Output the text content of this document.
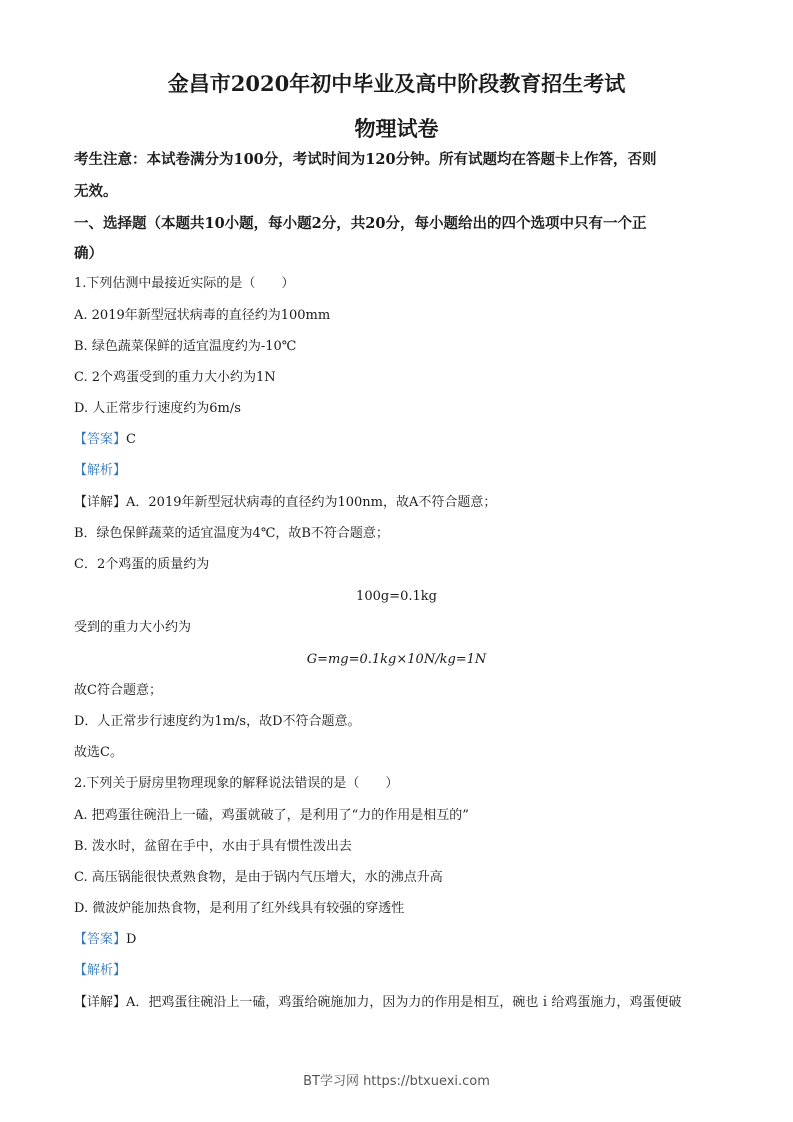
金昌市2020年初中毕业及高中阶段教育招生考试
物理试卷
考生注意：本试卷满分为100分，考试时间为120分钟。所有试题均在答题卡上作答，否则
无效。
一、选择题（本题共10小题，每小题2分，共20分，每小题给出的四个选项中只有一个正
确）
1.下列估测中最接近实际的是（　　）
A. 2019年新型冠状病毒的直径约为100mm
B. 绿色蔬菜保鲜的适宜温度约为-10℃
C. 2个鸡蛋受到的重力大小约为1N
D. 人正常步行速度约为6m/s
【答案】C
【解析】
【详解】A．2019年新型冠状病毒的直径约为100nm，故A不符合题意；
B．绿色保鲜蔬菜的适宜温度为4℃，故B不符合题意；
C．2个鸡蛋的质量约为
100g=0.1kg
受到的重力大小约为
G=mg=0.1kg×10N/kg=1N
故C符合题意；
D．人正常步行速度约为1m/s，故D不符合题意。
故选C。
2.下列关于厨房里物理现象的解释说法错误的是（　　）
A. 把鸡蛋往碗沿上一磕，鸡蛋就破了，是利用了“力的作用是相互的”
B. 泼水时，盆留在手中，水由于具有惯性泼出去
C. 高压锅能很快煮熟食物，是由于锅内气压增大，水的沸点升高
D. 微波炉能加热食物，是利用了红外线具有较强的穿透性
【答案】D
【解析】
【详解】A．把鸡蛋往碗沿上一磕，鸡蛋给碗施加力，因为力的作用是相互，碗也ｉ给鸡蛋施力，鸡蛋便破
BT学习网 https://btxuexi.com
